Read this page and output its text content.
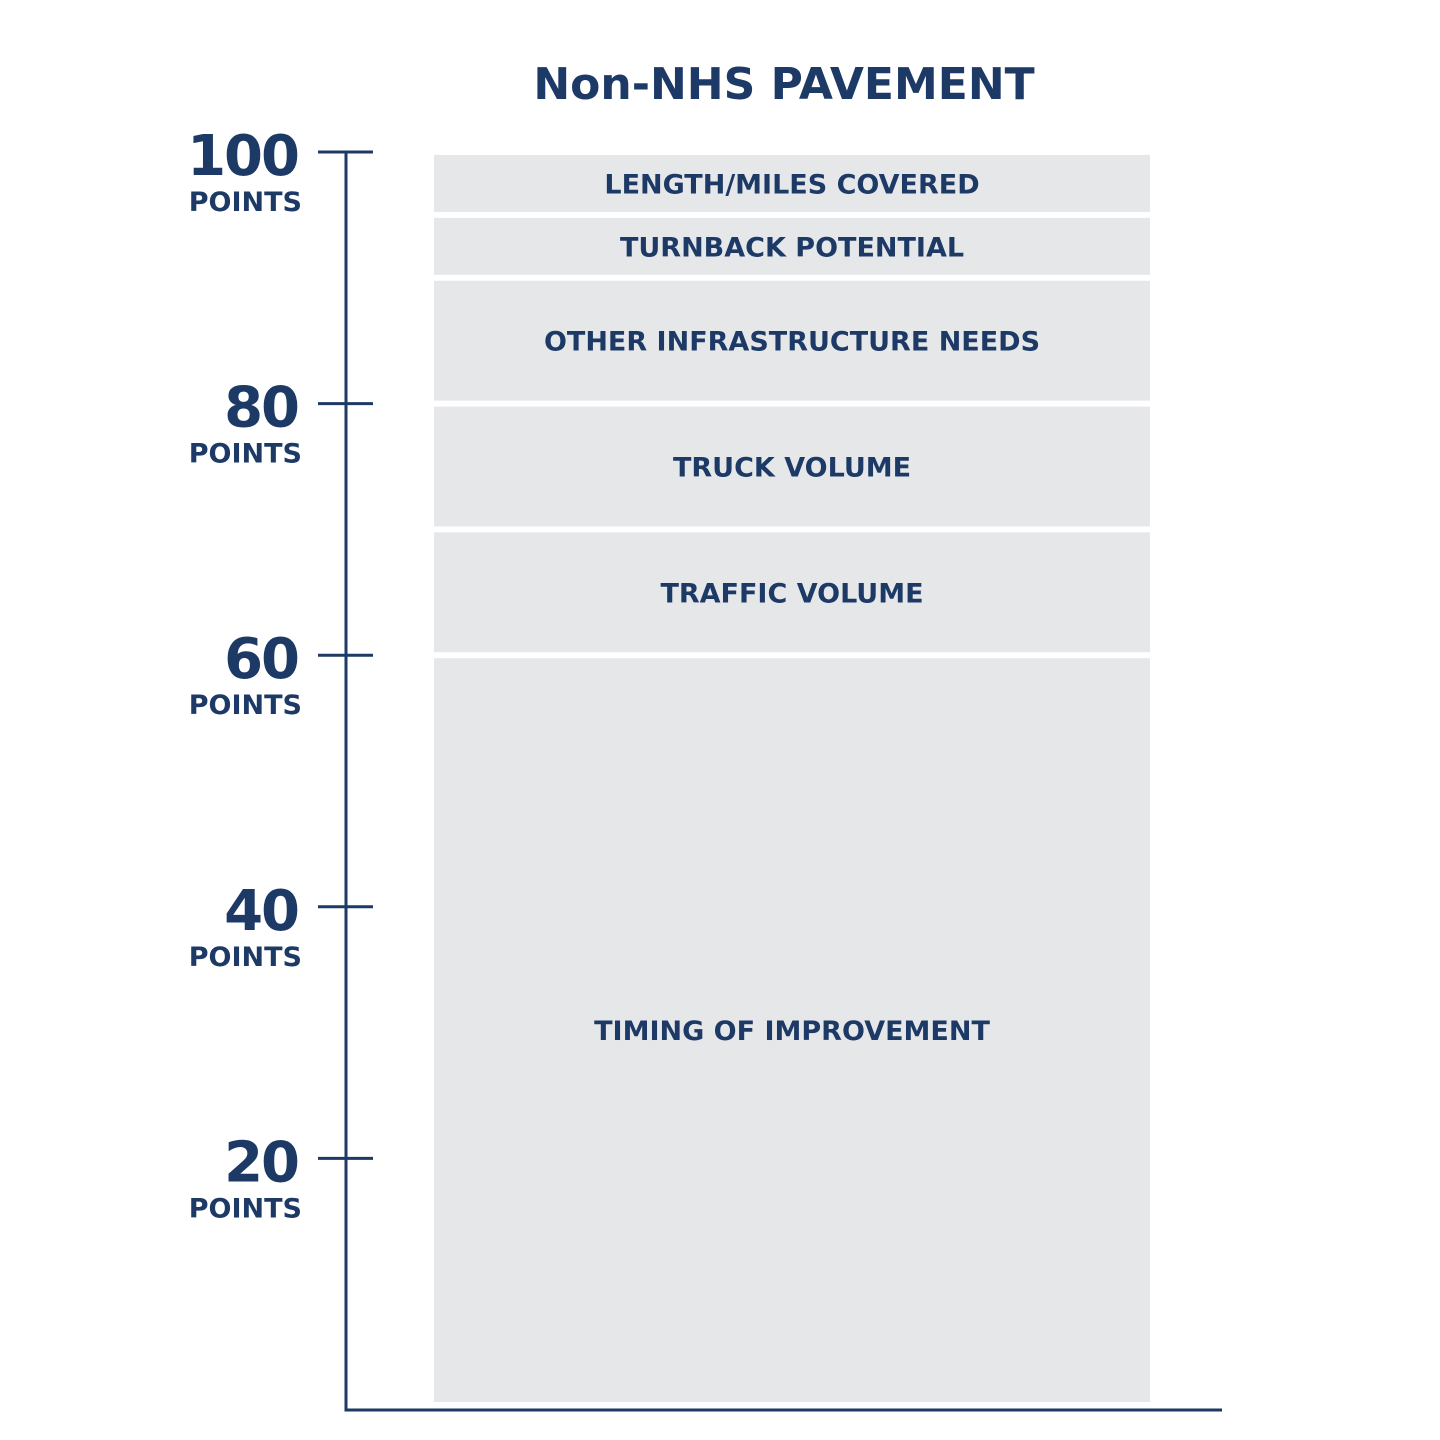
Non-NHS PAVEMENT
TIMING OF IMPROVEMENT
TRAFFIC VOLUME
TRUCK VOLUME
OTHER INFRASTRUCTURE NEEDS
TURNBACK POTENTIAL
LENGTH/MILES COVERED
100
POINTS
80
POINTS
60
POINTS
40
POINTS
20
POINTS
